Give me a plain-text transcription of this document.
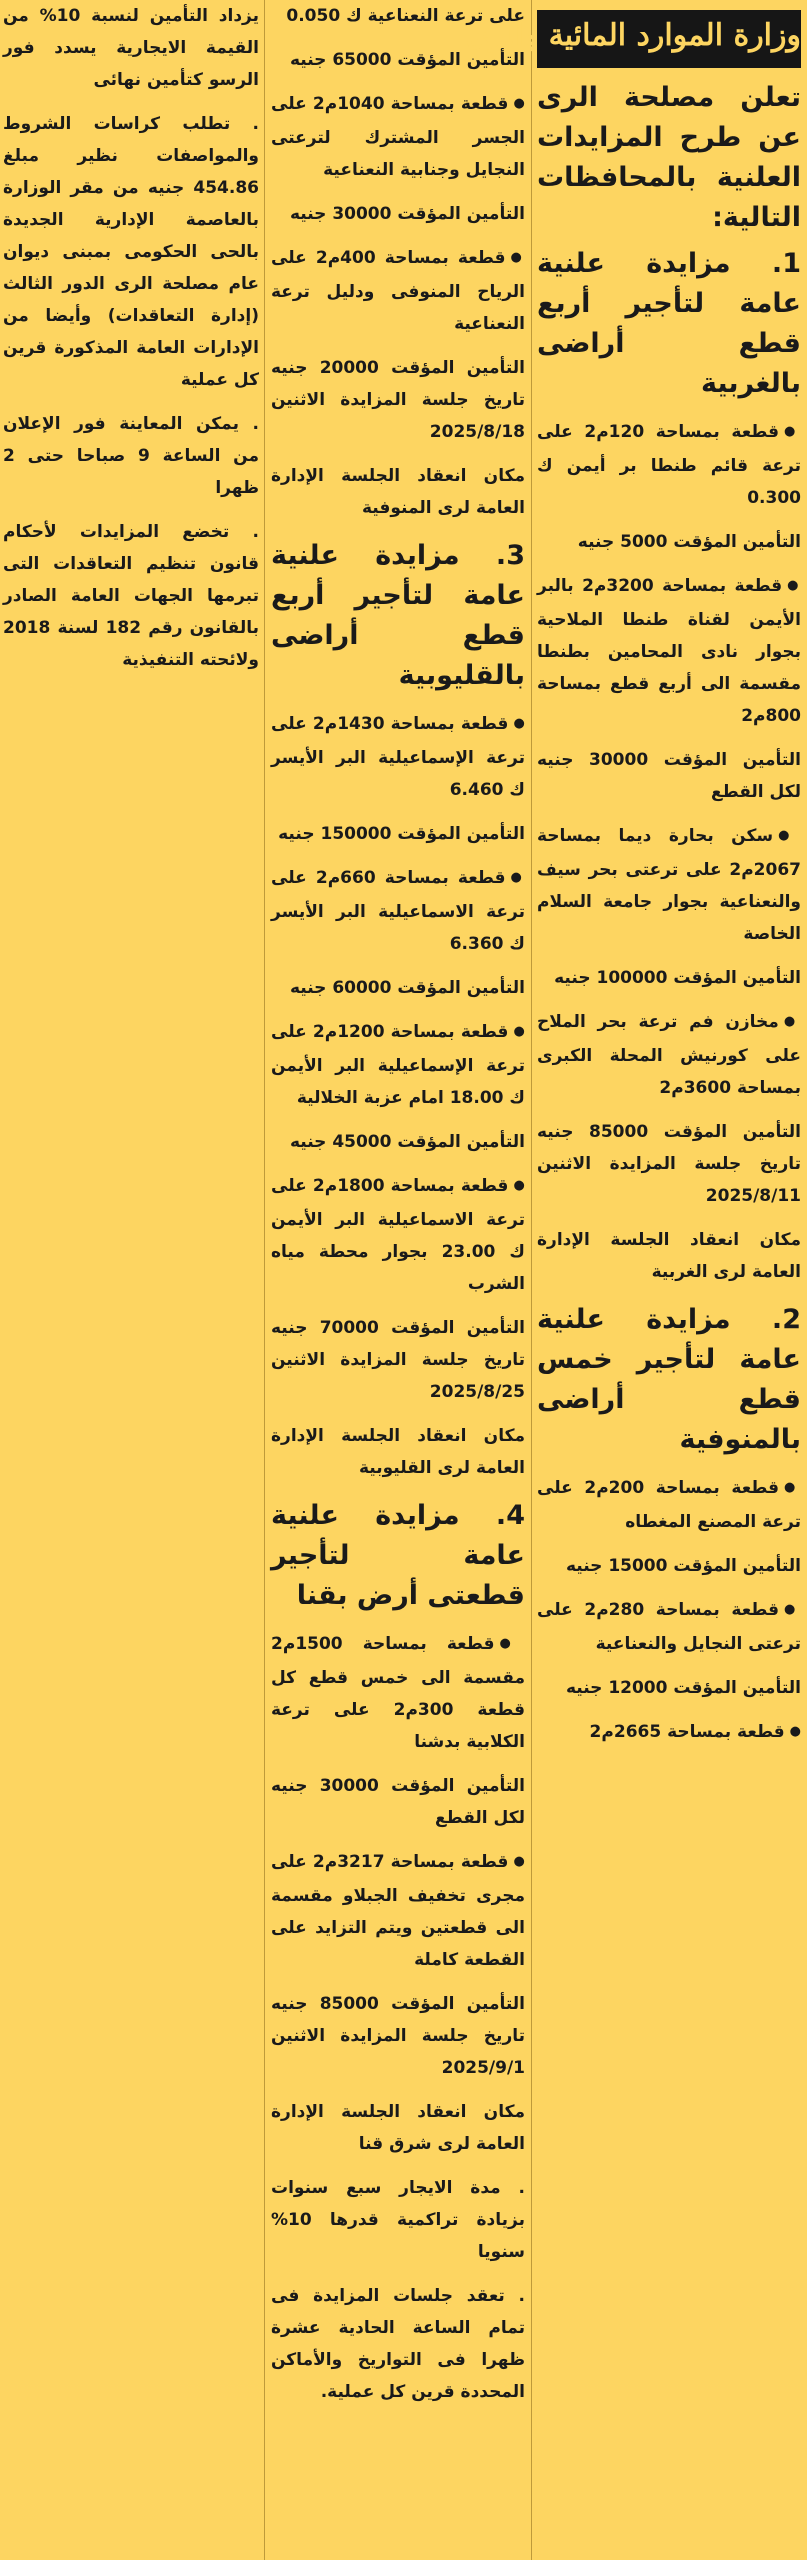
وزارة الموارد المائية والرى
تعلن مصلحة الرى عن طرح المزايدات العلنية بالمحافظات التالية:

1. مزايدة علنية عامة لتأجير أربع قطع أراضى بالغربية

● قطعة بمساحة 120م2 على ترعة قائم طنطا بر أيمن ك 0.300

التأمين المؤقت 5000 جنيه

● قطعة بمساحة 3200م2 بالبر الأيمن لقناة طنطا الملاحية بجوار نادى المحامين بطنطا مقسمة الى أربع قطع بمساحة 800م2

التأمين المؤقت 30000 جنيه لكل القطع

● سكن بحارة ديما بمساحة 2067م2 على ترعتى بحر سيف والنعناعية بجوار جامعة السلام الخاصة

التأمين المؤقت 100000 جنيه

● مخازن فم ترعة بحر الملاح على كورنيش المحلة الكبرى بمساحة 3600م2

التأمين المؤقت 85000 جنيه تاريخ جلسة المزايدة الاثنين 2025/8/11

مكان انعقاد الجلسة الإدارة العامة لرى الغربية

2. مزايدة علنية عامة لتأجير خمس قطع أراضى بالمنوفية

● قطعة بمساحة 200م2 على ترعة المصنع المغطاه

التأمين المؤقت 15000 جنيه

● قطعة بمساحة 280م2 على ترعتى النجايل والنعناعية

التأمين المؤقت 12000 جنيه

● قطعة بمساحة 2665م2

على ترعة النعناعية ك 0.050

التأمين المؤقت 65000 جنيه

● قطعة بمساحة 1040م2 على الجسر المشترك لترعتى النجايل وجنابية النعناعية

التأمين المؤقت 30000 جنيه

● قطعة بمساحة 400م2 على الرياح المنوفى ودليل ترعة النعناعية

التأمين المؤقت 20000 جنيه تاريخ جلسة المزايدة الاثنين 2025/8/18

مكان انعقاد الجلسة الإدارة العامة لرى المنوفية

3. مزايدة علنية عامة لتأجير أربع قطع أراضى بالقليوبية

● قطعة بمساحة 1430م2 على ترعة الإسماعيلية البر الأيسر ك 6.460

التأمين المؤقت 150000 جنيه

● قطعة بمساحة 660م2 على ترعة الاسماعيلية البر الأيسر ك 6.360

التأمين المؤقت 60000 جنيه

● قطعة بمساحة 1200م2 على ترعة الإسماعيلية البر الأيمن ك 18.00 امام عزبة الخلالية

التأمين المؤقت 45000 جنيه

● قطعة بمساحة 1800م2 على ترعة الاسماعيلية البر الأيمن ك 23.00 بجوار محطة مياه الشرب

التأمين المؤقت 70000 جنيه تاريخ جلسة المزايدة الاثنين 2025/8/25

مكان انعقاد الجلسة الإدارة العامة لرى القليوبية

4. مزايدة علنية عامة لتأجير قطعتى أرض بقنا

● قطعة بمساحة 1500م2 مقسمة الى خمس قطع كل قطعة 300م2 على ترعة الكلابية بدشنا

التأمين المؤقت 30000 جنيه لكل القطع

● قطعة بمساحة 3217م2 على مجرى تخفيف الجبلاو مقسمة الى قطعتين ويتم التزايد على القطعة كاملة

التأمين المؤقت 85000 جنيه تاريخ جلسة المزايدة الاثنين 2025/9/1

مكان انعقاد الجلسة الإدارة العامة لرى شرق قنا

. مدة الايجار سبع سنوات بزيادة تراكمية قدرها 10% سنويا

. تعقد جلسات المزايدة فى تمام الساعة الحادية عشرة ظهرا فى التواريخ والأماكن المحددة قرين كل عملية.

يزداد التأمين لنسبة 10% من القيمة الايجارية يسدد فور الرسو كتأمين نهائى

. تطلب كراسات الشروط والمواصفات نظير مبلغ 454.86 جنيه من مقر الوزارة بالعاصمة الإدارية الجديدة بالحى الحكومى بمبنى ديوان عام مصلحة الرى الدور الثالث (إدارة التعاقدات) وأيضا من الإدارات العامة المذكورة قرين كل عملية

. يمكن المعاينة فور الإعلان من الساعة 9 صباحا حتى 2 ظهرا

. تخضع المزايدات لأحكام قانون تنظيم التعاقدات التى تبرمها الجهات العامة الصادر بالقانون رقم 182 لسنة 2018 ولائحته التنفيذية
